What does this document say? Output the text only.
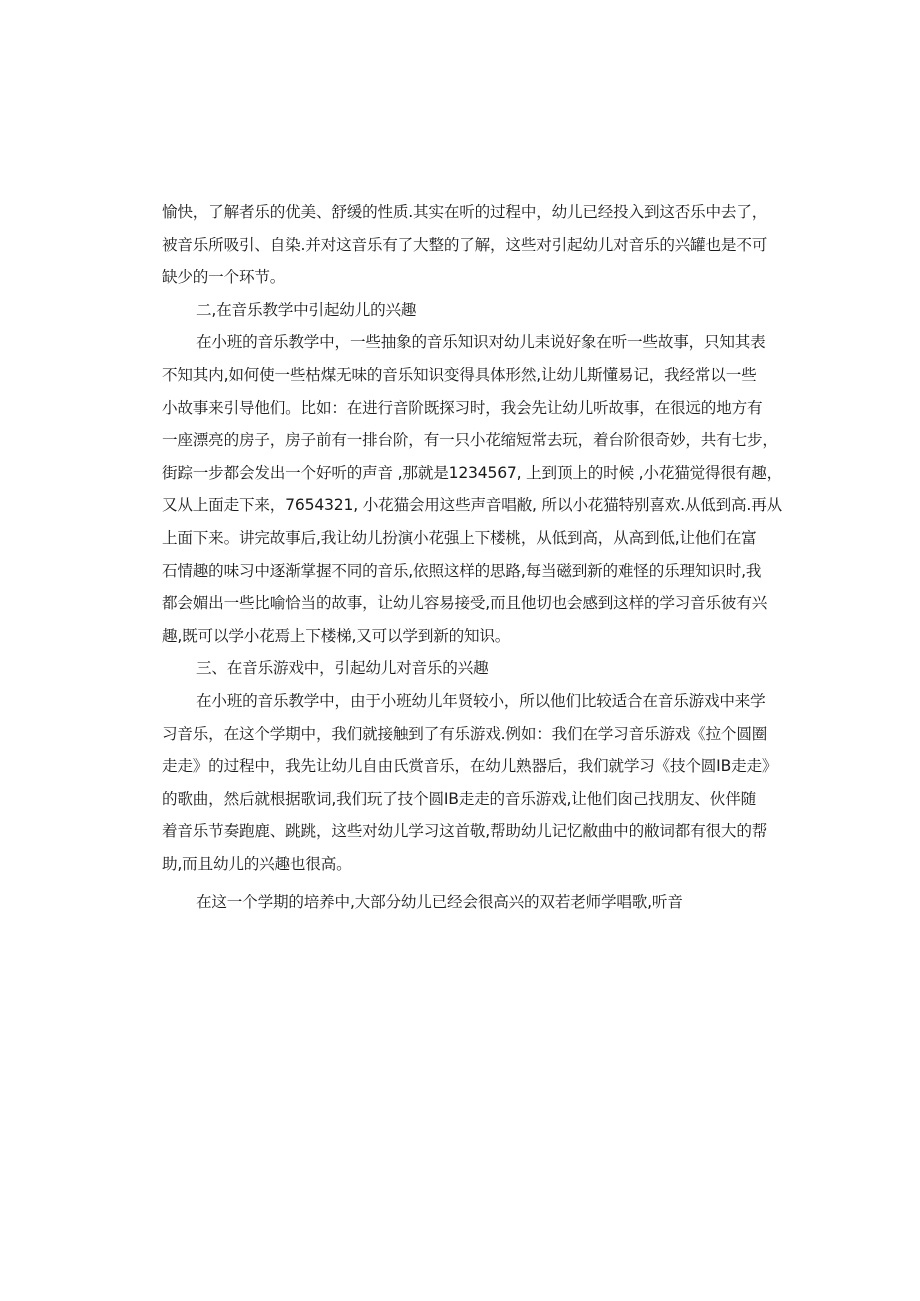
愉快，了解者乐的优美、舒缓的性质.其实在听的过程中，幼儿已经投入到这否乐中去了，
被音乐所吸引、自染.并对这音乐有了大整的了解，这些对引起幼儿对音乐的兴罐也是不可
缺少的一个环节。
二,在音乐教学中引起幼儿的兴趣
在小班的音乐教学中，一些抽象的音乐知识对幼儿耒说好象在听一些故事，只知其表
不知其内,如何使一些枯煤无味的音乐知识变得具体形然,让幼儿斯懂易记，我经常以一些
小故事来引导他们。比如：在进行音阶既探习时，我会先让幼儿听故事，在很远的地方有
一座漂亮的房子，房子前有一排台阶，有一只小花缩短常去玩，着台阶很奇妙，共有七步，
街踪一步都会发出一个好听的声音 ,那就是1234567, 上到顶上的时候 ,小花猫觉得很有趣，
又从上面走下来，7654321, 小花猫会用这些声音唱敝, 所以小花猫特别喜欢.从低到高.再从
上面下来。讲完故事后,我让幼儿扮演小花强上下楼桃，从低到高，从高到低,让他们在富
石情趣的味习中逐渐掌握不同的音乐,依照这样的思路,每当磁到新的难怪的乐理知识时,我
都会媚出一些比喻恰当的故事，让幼儿容易接受,而且他切也会感到这样的学习音乐彼有兴
趣,既可以学小花焉上下楼梯,又可以学到新的知识。
三、在音乐游戏中，引起幼儿对音乐的兴趣
在小班的音乐教学中，由于小班幼儿年贤较小，所以他们比较适合在音乐游戏中来学
习音乐，在这个学期中，我们就接触到了有乐游戏.例如：我们在学习音乐游戏《拉个圆圈
走走》的过程中，我先让幼儿自由氏赏音乐，在幼儿熟器后，我们就学习《技个圆IB走走》
的歌曲，然后就根据歌词,我们玩了技个圆IB走走的音乐游戏,让他们囱己找朋友、伙伴随
着音乐节奏跑鹿、跳跳，这些对幼儿学习这首敬,帮助幼儿记忆敝曲中的敝词都有很大的帮
助,而且幼儿的兴趣也很高。
在这一个学期的培养中,大部分幼儿已经会很高兴的双若老师学唱歌,听音
